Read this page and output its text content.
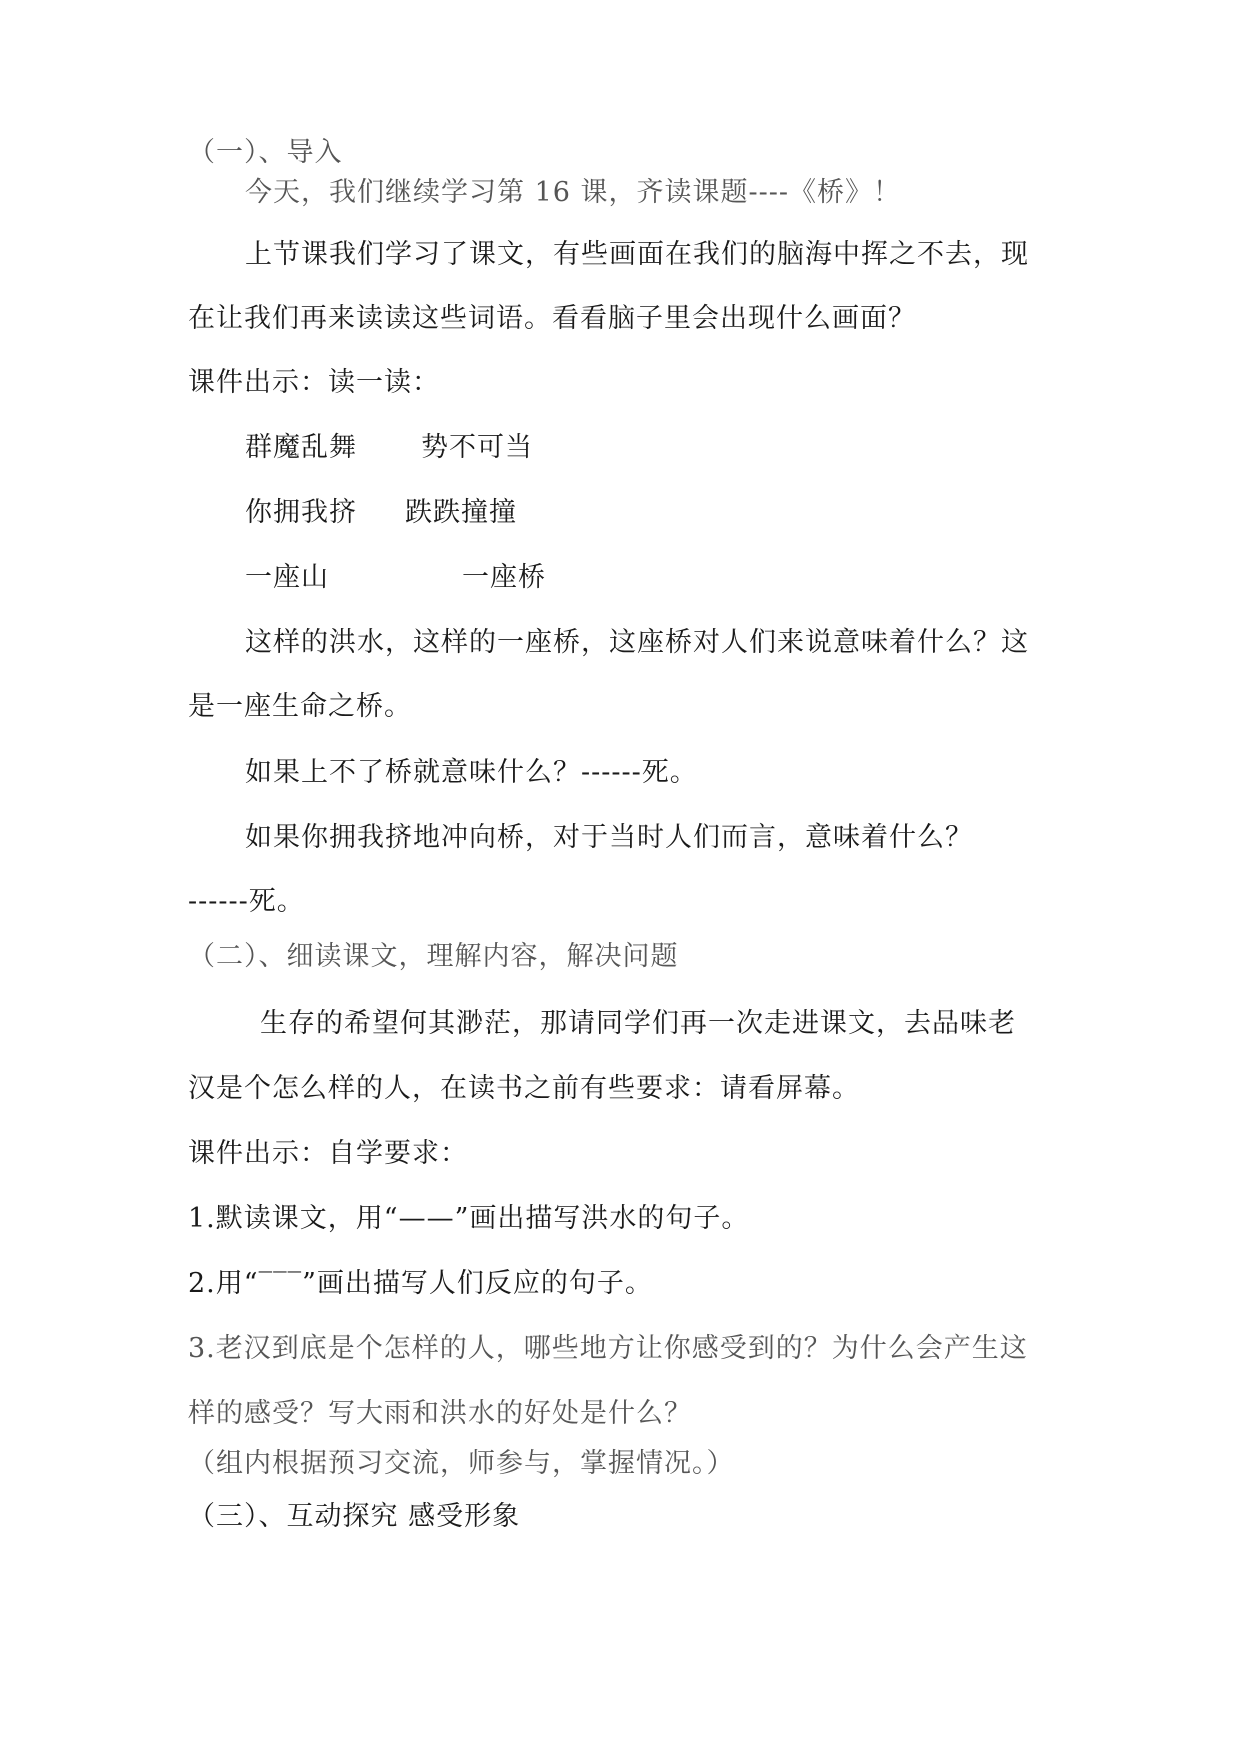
（一）、导入
今天，我们继续学习第 16 课，齐读课题----《桥》！
上节课我们学习了课文，有些画面在我们的脑海中挥之不去，现
在让我们再来读读这些词语。看看脑子里会出现什么画面？
课件出示：读一读：
群魔乱舞 势不可当
你拥我挤 跌跌撞撞
一座山	一座桥
这样的洪水，这样的一座桥，这座桥对人们来说意味着什么？这
是一座生命之桥。
如果上不了桥就意味什么？------死。
如果你拥我挤地冲向桥，对于当时人们而言，意味着什么？
------死。
（二）、细读课文，理解内容，解决问题
生存的希望何其渺茫，那请同学们再一次走进课文，去品味老
汉是个怎么样的人，在读书之前有些要求：请看屏幕。
课件出示：自学要求：
1.默读课文，用“——”画出描写洪水的句子。
2.用“‾‾‾”画出描写人们反应的句子。
3.老汉到底是个怎样的人，哪些地方让你感受到的？为什么会产生这
样的感受？写大雨和洪水的好处是什么？
（组内根据预习交流，师参与，掌握情况。）
（三）、互动探究 感受形象
